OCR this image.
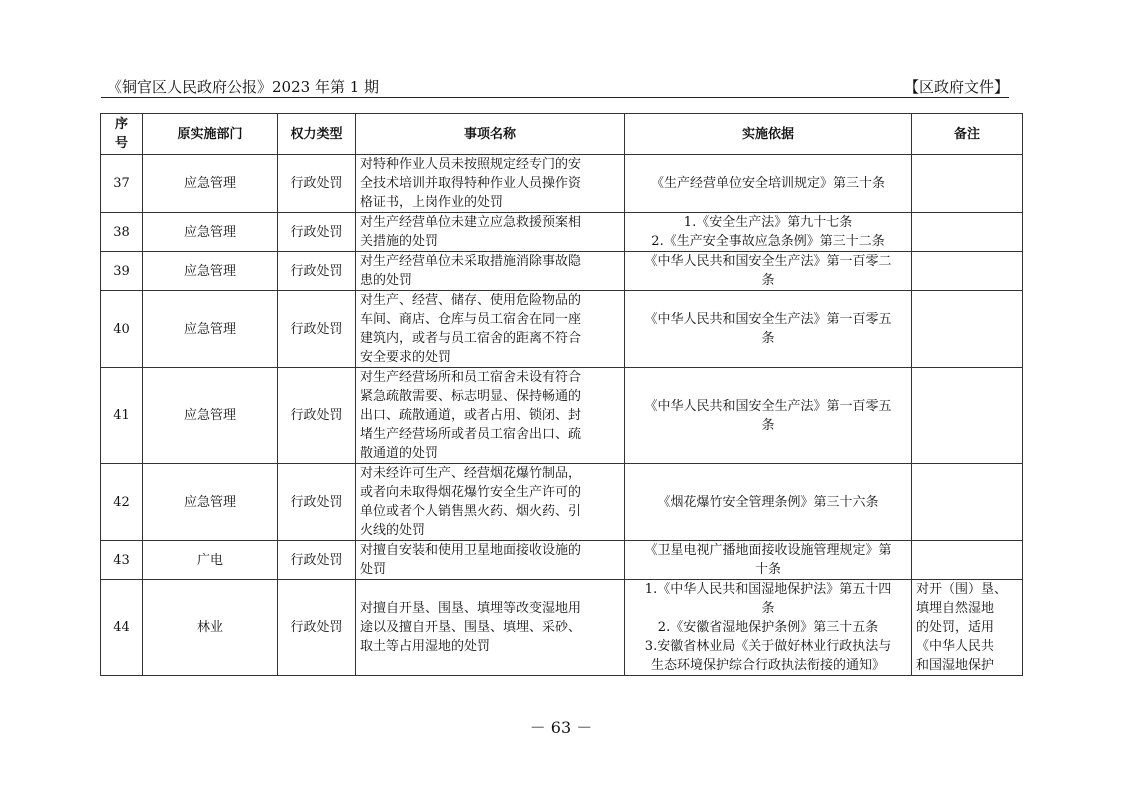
《铜官区人民政府公报》2023 年第 1 期	【区政府文件】
序
号	原实施部门	权力类型	事项名称	实施依据	备注
37	应急管理	行政处罚	对特种作业人员未按照规定经专门的安
全技术培训并取得特种作业人员操作资
格证书，上岗作业的处罚	《生产经营单位安全培训规定》第三十条	

38	应急管理	行政处罚	对生产经营单位未建立应急救援预案相
关措施的处罚	1.《安全生产法》第九十七条
2.《生产安全事故应急条例》第三十二条	

39	应急管理	行政处罚	对生产经营单位未采取措施消除事故隐
患的处罚	《中华人民共和国安全生产法》第一百零二
条	

40	应急管理	行政处罚	对生产、经营、储存、使用危险物品的
车间、商店、仓库与员工宿舍在同一座
建筑内，或者与员工宿舍的距离不符合
安全要求的处罚	《中华人民共和国安全生产法》第一百零五
条	

41	应急管理	行政处罚	对生产经营场所和员工宿舍未设有符合
紧急疏散需要、标志明显、保持畅通的
出口、疏散通道，或者占用、锁闭、封
堵生产经营场所或者员工宿舍出口、疏
散通道的处罚	《中华人民共和国安全生产法》第一百零五
条	

42	应急管理	行政处罚	对未经许可生产、经营烟花爆竹制品，
或者向未取得烟花爆竹安全生产许可的
单位或者个人销售黑火药、烟火药、引
火线的处罚	《烟花爆竹安全管理条例》第三十六条	

43	广电	行政处罚	对擅自安装和使用卫星地面接收设施的
处罚	《卫星电视广播地面接收设施管理规定》第
十条	

44	林业	行政处罚	对擅自开垦、围垦、填埋等改变湿地用
途以及擅自开垦、围垦、填埋、采砂、
取土等占用湿地的处罚	1.《中华人民共和国湿地保护法》第五十四
条
2.《安徽省湿地保护条例》第三十五条
3.安徽省林业局《关于做好林业行政执法与
生态环境保护综合行政执法衔接的通知》	对开（围）垦、
填埋自然湿地
的处罚，适用
《中华人民共
和国湿地保护
－ 63 －
